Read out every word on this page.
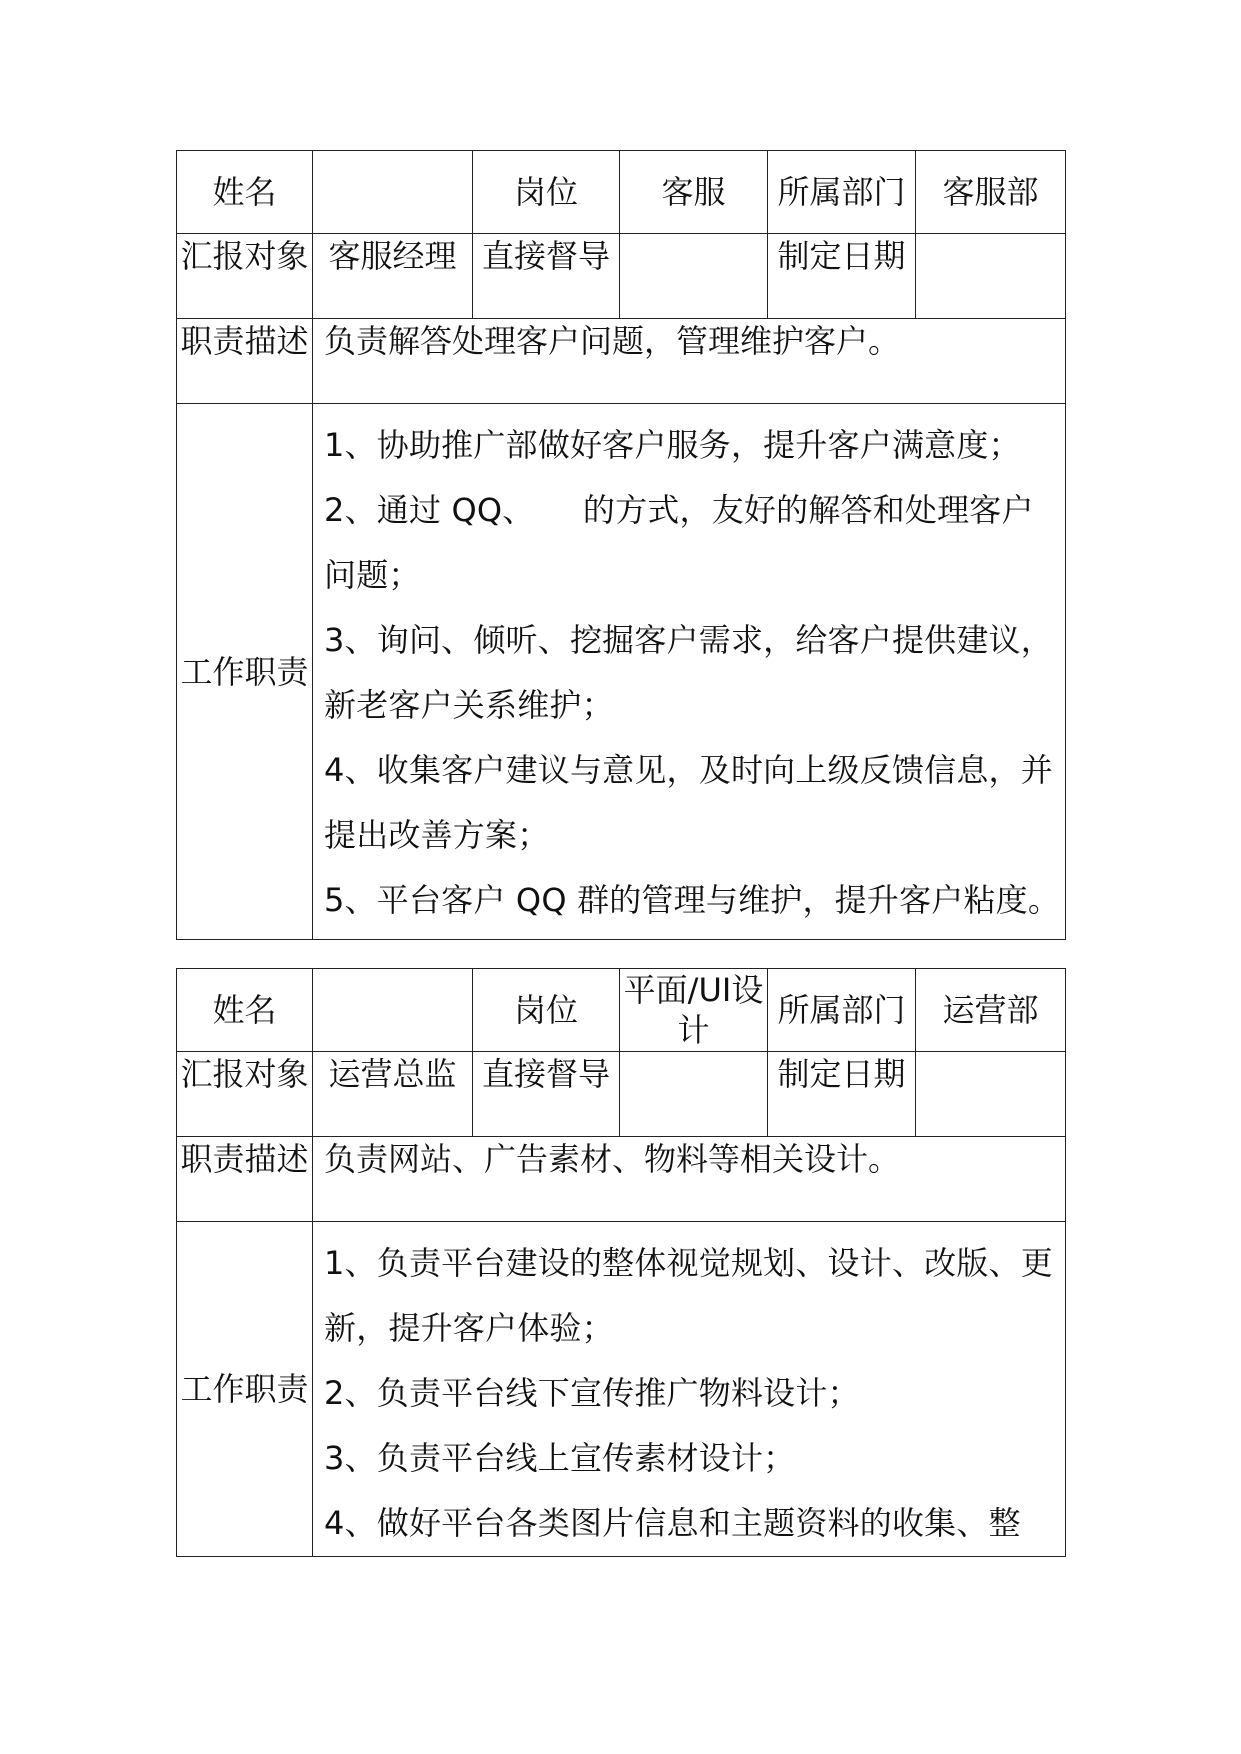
姓名		岗位	客服	所属部门	客服部
汇报对象	客服经理	直接督导		制定日期	
职责描述	负责解答处理客户问题，管理维护客户。				
工作职责	1、协助推广部做好客户服务，提升客户满意度；
2、通过 QQ、　　的方式，友好的解答和处理客户问题；
3、询问、倾听、挖掘客户需求，给客户提供建议，新老客户关系维护；
4、收集客户建议与意见，及时向上级反馈信息，并提出改善方案；
5、平台客户 QQ 群的管理与维护，提升客户粘度。				
姓名		岗位	平面/UI设计	所属部门	运营部
汇报对象	运营总监	直接督导		制定日期	
职责描述	负责网站、广告素材、物料等相关设计。				
工作职责	1、负责平台建设的整体视觉规划、设计、改版、更新，提升客户体验；
2、负责平台线下宣传推广物料设计；
3、负责平台线上宣传素材设计；
4、做好平台各类图片信息和主题资料的收集、整				
